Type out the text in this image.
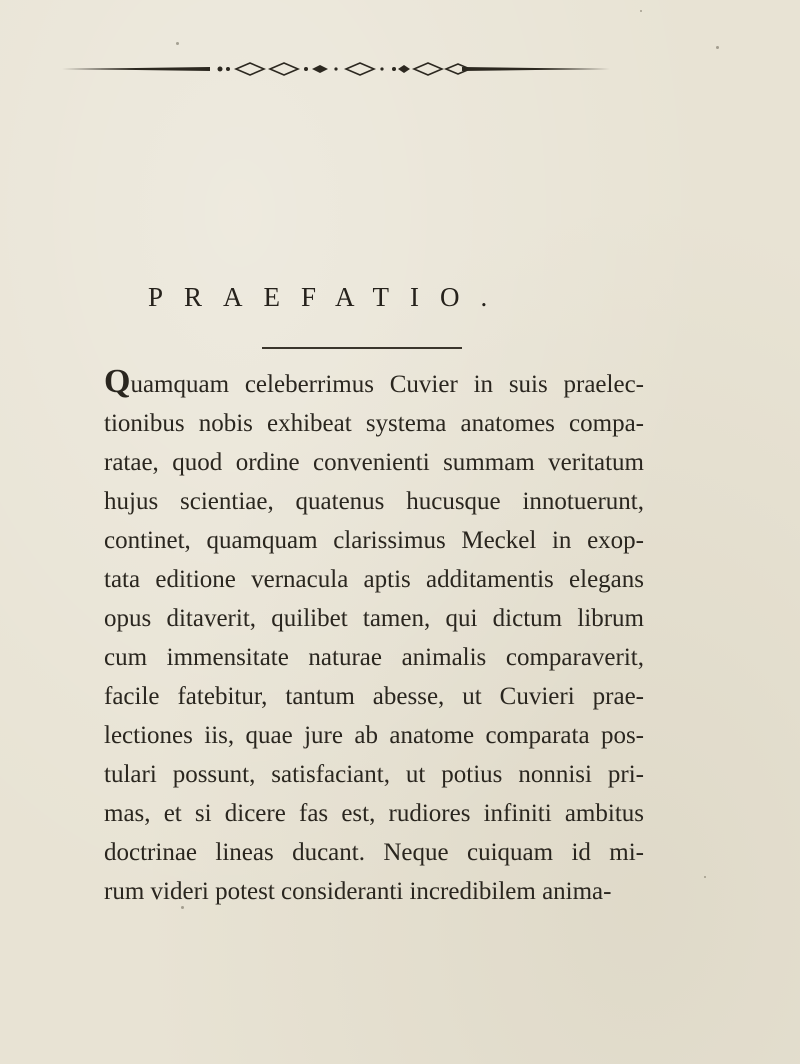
PRAEFATIO.
Quamquam celeberrimus Cuvier in suis praelec-
tionibus nobis exhibeat systema anatomes compa-
ratae, quod ordine convenienti summam veritatum
hujus scientiae, quatenus hucusque innotuerunt,
continet, quamquam clarissimus Meckel in exop-
tata editione vernacula aptis additamentis elegans
opus ditaverit, quilibet tamen, qui dictum librum
cum immensitate naturae animalis comparaverit,
facile fatebitur, tantum abesse, ut Cuvieri prae-
lectiones iis, quae jure ab anatome comparata pos-
tulari possunt, satisfaciant, ut potius nonnisi pri-
mas, et si dicere fas est, rudiores infiniti ambitus
doctrinae lineas ducant. Neque cuiquam id mi-
rum videri potest consideranti incredibilem anima-
